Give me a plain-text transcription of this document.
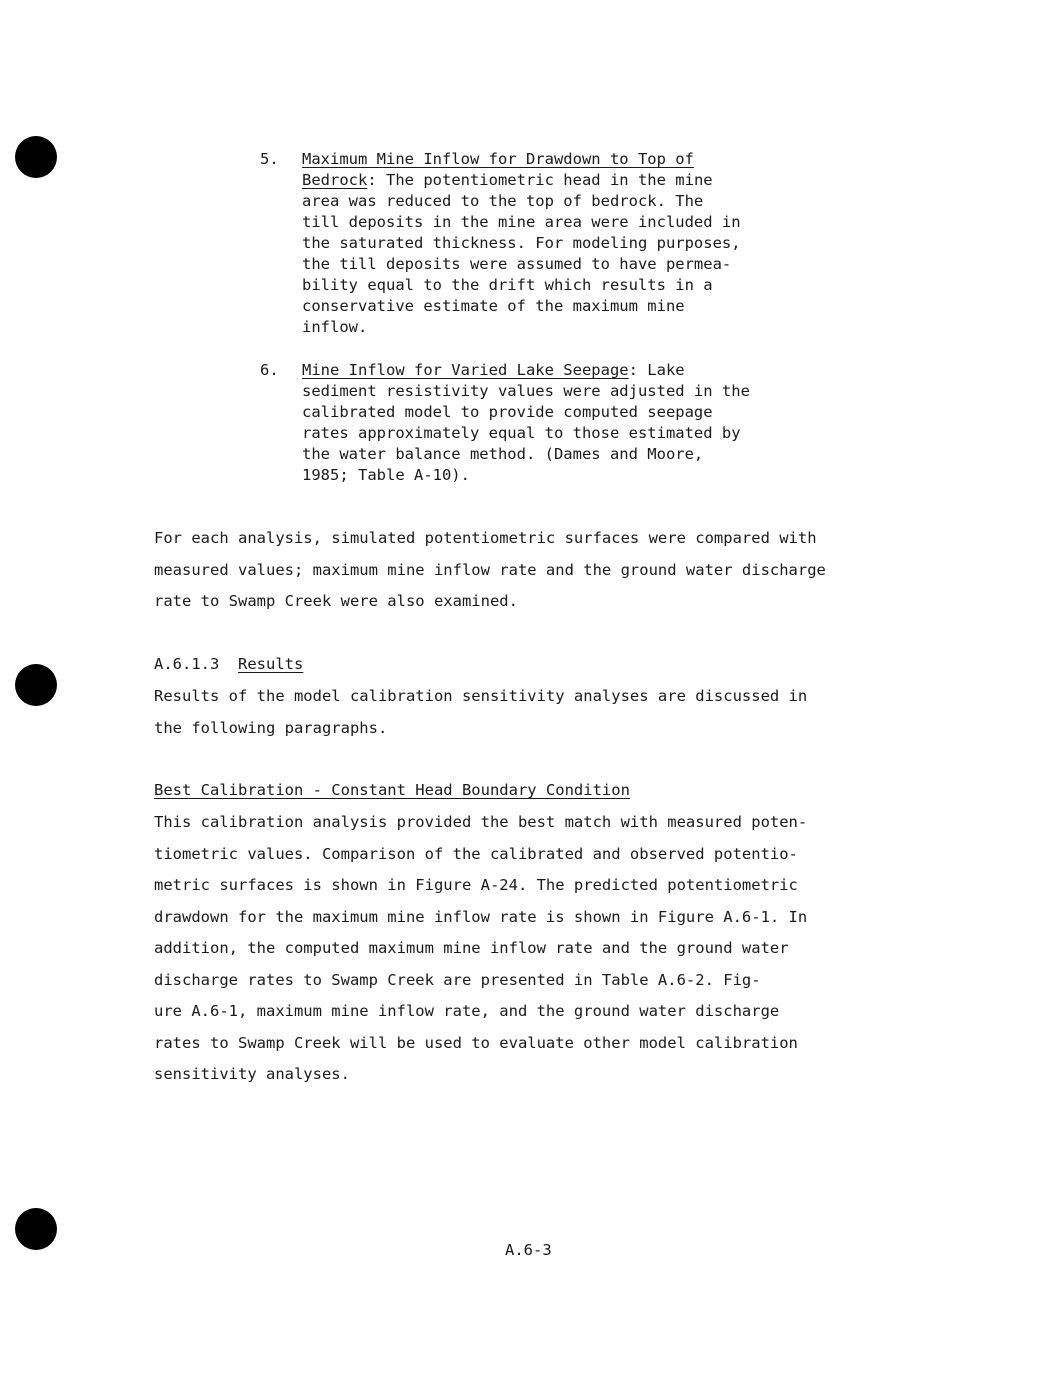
5. Maximum Mine Inflow for Drawdown to Top of
Bedrock: The potentiometric head in the mine
area was reduced to the top of bedrock. The
till deposits in the mine area were included in
the saturated thickness. For modeling purposes,
the till deposits were assumed to have permea-
bility equal to the drift which results in a
conservative estimate of the maximum mine
inflow.
6. Mine Inflow for Varied Lake Seepage: Lake
sediment resistivity values were adjusted in the
calibrated model to provide computed seepage
rates approximately equal to those estimated by
the water balance method. (Dames and Moore,
1985; Table A-10).
For each analysis, simulated potentiometric surfaces were compared with
measured values; maximum mine inflow rate and the ground water discharge
rate to Swamp Creek were also examined.
A.6.1.3 Results
Results of the model calibration sensitivity analyses are discussed in
the following paragraphs.
Best Calibration - Constant Head Boundary Condition
This calibration analysis provided the best match with measured poten-
tiometric values. Comparison of the calibrated and observed potentio-
metric surfaces is shown in Figure A-24. The predicted potentiometric
drawdown for the maximum mine inflow rate is shown in Figure A.6-1. In
addition, the computed maximum mine inflow rate and the ground water
discharge rates to Swamp Creek are presented in Table A.6-2. Fig-
ure A.6-1, maximum mine inflow rate, and the ground water discharge
rates to Swamp Creek will be used to evaluate other model calibration
sensitivity analyses.
A.6-3
